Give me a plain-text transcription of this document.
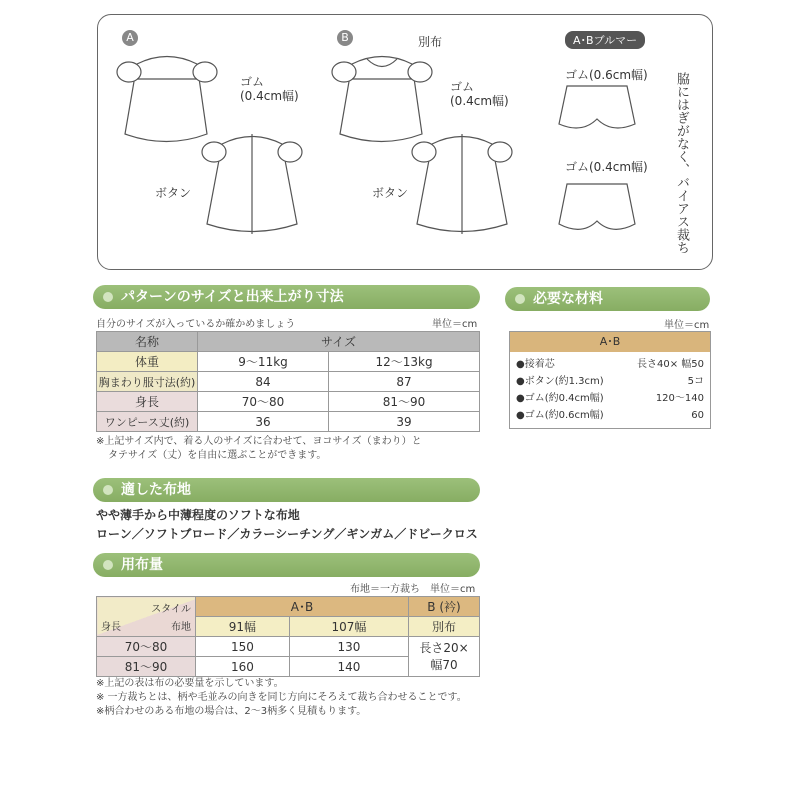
A	B
ゴム
(0.4cm幅)
ゴム
(0.4cm幅)
ボタン	ボタン
別布	A･Bブルマー
ゴム(0.6cm幅)
ゴム(0.4cm幅) 脇にはぎがなく、バイアス裁ち
パターンのサイズと出来上がり寸法
自分のサイズが入っているか確かめましょう	単位＝cm
名称	サイズ	
体重	9〜11kg	12〜13kg
胸まわり服寸法(約)	84	87
身長	70〜80	81〜90
ワンピース丈(約)	36	39
※上記サイズ内で、着る人のサイズに合わせて、ヨコサイズ（まわり）と
タテサイズ（丈）を自由に選ぶことができます。
必要な材料
単位＝cm
A･B
●接着芯	長さ40× 幅50
●ボタン(約1.3cm)	5コ
●ゴム(約0.4cm幅)	120〜140
●ゴム(約0.6cm幅)	60
適した布地
やや薄手から中薄程度のソフトな布地
ローン／ソフトブロード／カラーシーチング／ギンガム／ドビークロス
用布量
布地＝一方裁ち　単位＝cm
スタイル
身長 布地	A･B		B (衿)
	91幅	107幅	別布
70〜80	150	130	長さ20×
幅70

81〜90	160	140	
※上記の表は布の必要量を示しています。
※ 一方裁ちとは、柄や毛並みの向きを同じ方向にそろえて裁ち合わせることです。
※柄合わせのある布地の場合は、2〜3柄多く見積もります。
